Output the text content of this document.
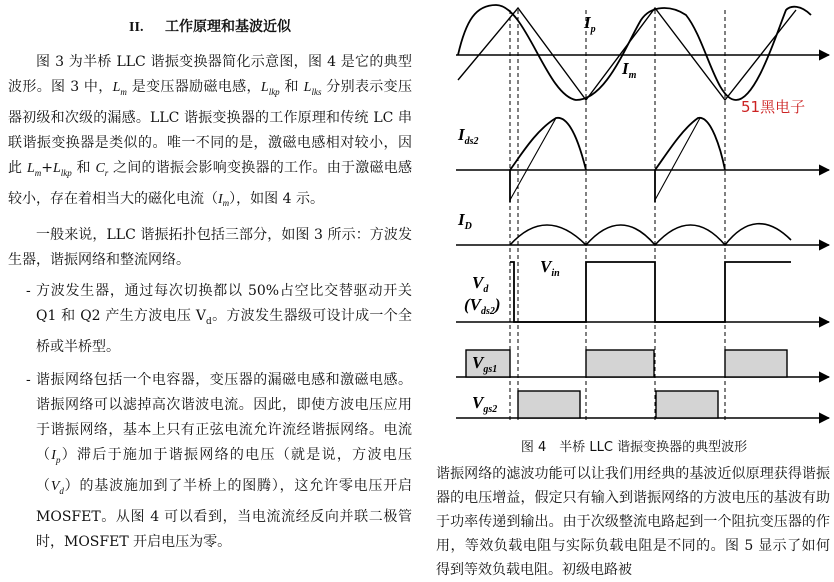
II. 工作原理和基波近似

图 3 为半桥 LLC 谐振变换器简化示意图，图 4 是它的典型波形。图 3 中，$L_m$ 是变压器励磁电感，$L_{lkp}$ 和 $L_{lks}$ 分别表示变压器初级和次级的漏感。LLC 谐振变换器的工作原理和传统 LC 串联谐振变换器是类似的。唯一不同的是，激磁电感相对较小，因此 $L_m+L_{lkp}$ 和 $C_r$ 之间的谐振会影响变换器的工作。由于激磁电感较小，存在着相当大的磁化电流$(I_m)$，如图 4 示。

一般来说，LLC 谐振拓扑包括三部分，如图 3 所示：方波发生器，谐振网络和整流网络。

- 方波发生器，通过每次切换都以 50%占空比交替驱动开关 Q1 和 Q2 产生方波电压 $V_d$。方波发生器级可设计成一个全桥或半桥型。
- 谐振网络包括一个电容器，变压器的漏磁电感和激磁电感。谐振网络可以滤掉高次谐波电流。因此，即使方波电压应用于谐振网络，基本上只有正弦电流允许流经谐振网络。电流$(I_p)$滞后于施加于谐振网络的电压（就是说，方波电压$(V_d)$的基波施加到了半桥上的图腾），这允许零电压开启 MOSFET。从图 4 可以看到，当电流流经反向并联二极管时，MOSFET 开启电压为零。
$I_p$
$I_m$
$I_{ds2}$
$I_D$
$V_d$
$(V_{ds2})$
$V_{in}$
$V_{gs1}$
$V_{gs2}$
51黑电子
图 4　半桥 LLC 谐振变换器的典型波形

谐振网络的滤波功能可以让我们用经典的基波近似原理获得谐振器的电压增益，假定只有输入到谐振网络的方波电压的基波有助于功率传递到输出。由于次级整流电路起到一个阻抗变压器的作用，等效负载电阻与实际负载电阻是不同的。图 5 显示了如何得到等效负载电阻。初级电路被
